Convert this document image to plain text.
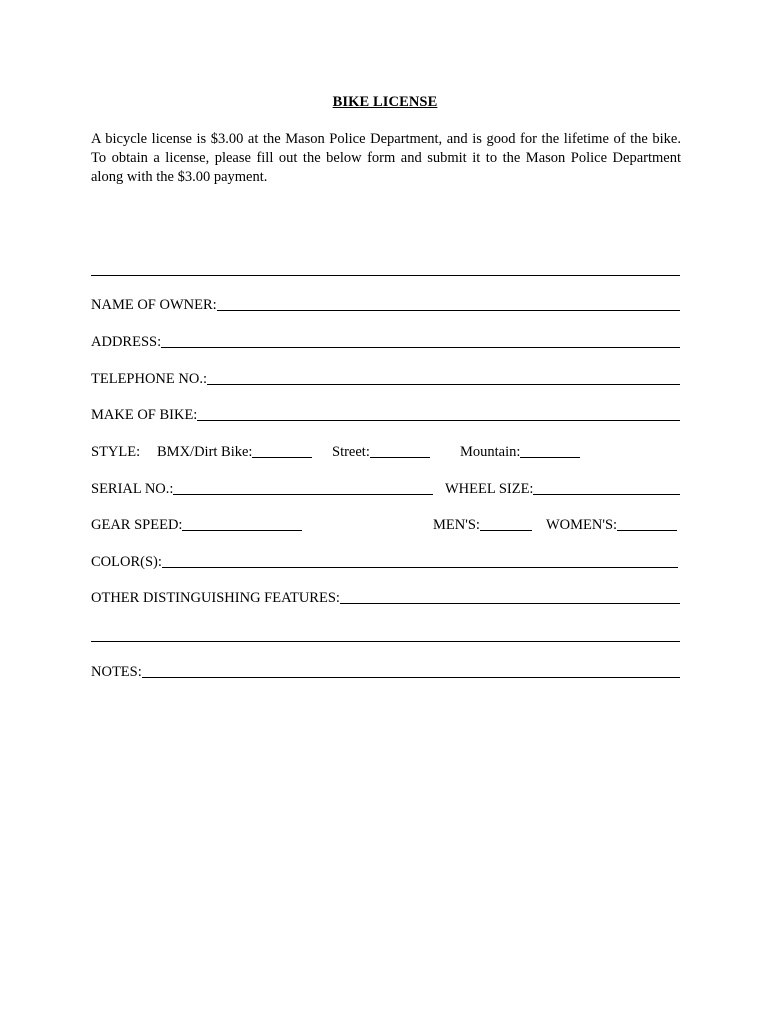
BIKE LICENSE
A bicycle license is $3.00 at the Mason Police Department, and is good for the lifetime of the bike.
To obtain a license, please fill out the below form and submit it to the Mason Police Department
along with the $3.00 payment.
NAME OF OWNER:
ADDRESS:
TELEPHONE NO.:
MAKE OF BIKE:
STYLE: BMX/Dirt Bike:	Street:	Mountain:
SERIAL NO.:	WHEEL SIZE:
GEAR SPEED:	MEN'S:	WOMEN'S:
COLOR(S):
OTHER DISTINGUISHING FEATURES:
NOTES:
